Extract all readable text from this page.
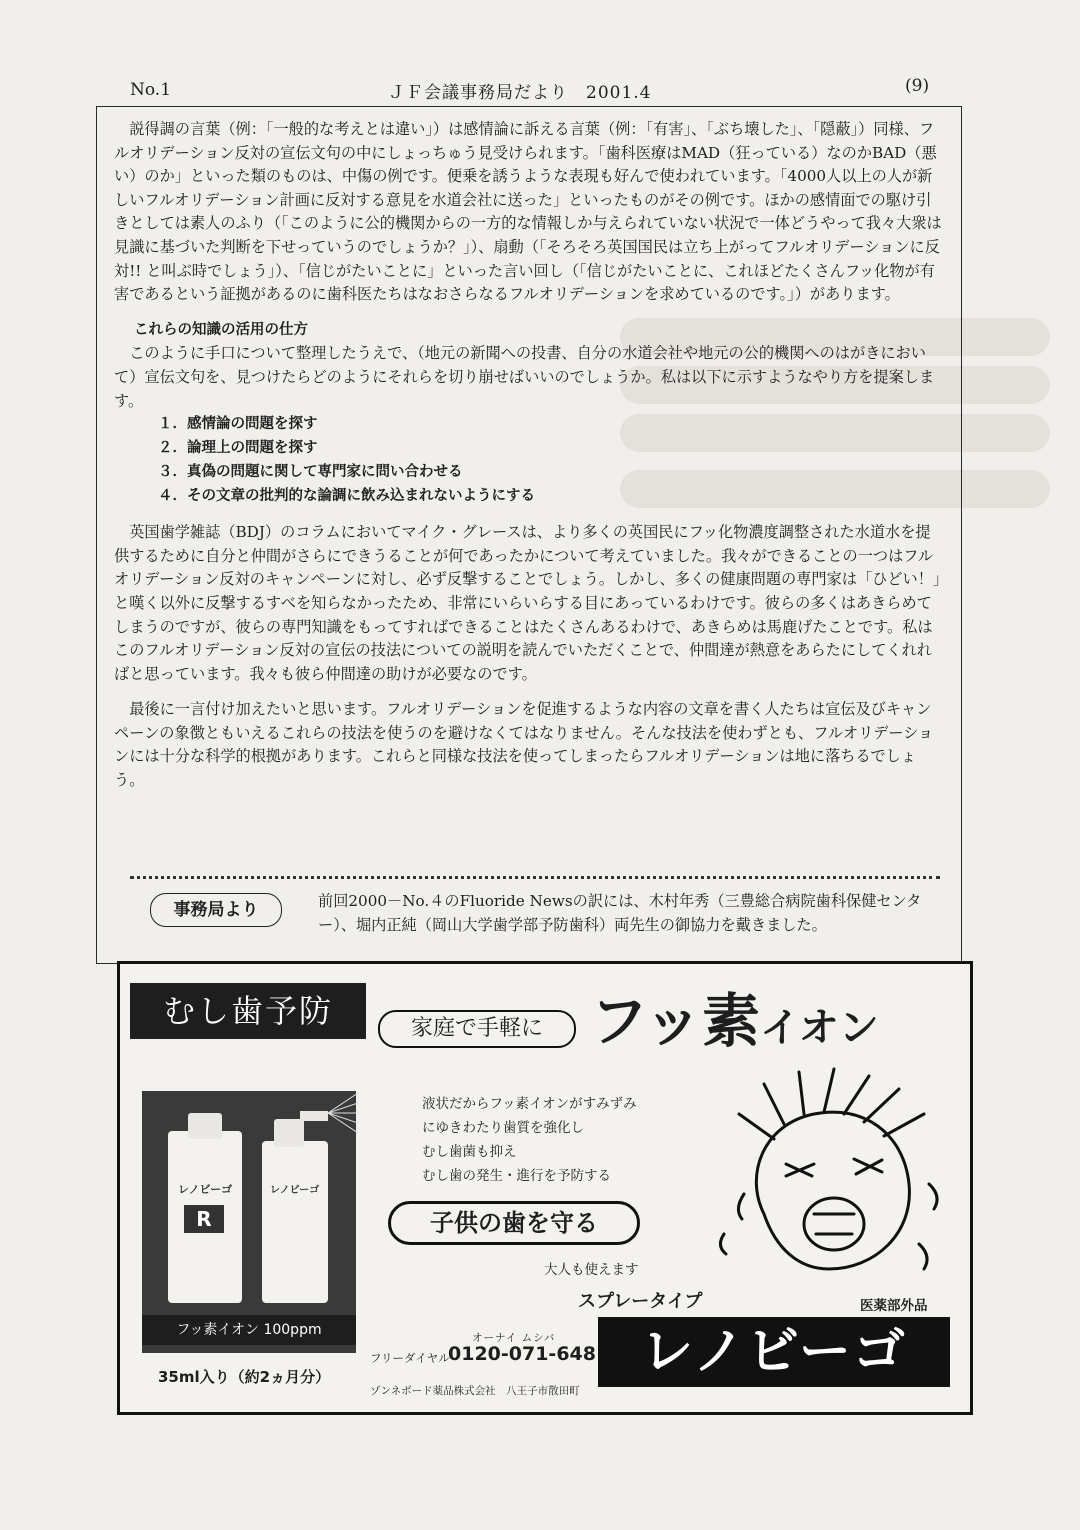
No.1	ＪＦ会議事務局だより　2001.4	(9)

説得調の言葉（例：「一般的な考えとは違い」）は感情論に訴える言葉（例：「有害」、「ぶち壊した」、「隠蔽」）同様、フルオリデーション反対の宣伝文句の中にしょっちゅう見受けられます。「歯科医療はMAD（狂っている）なのかBAD（悪い）のか」といった類のものは、中傷の例です。便乗を誘うような表現も好んで使われています。「4000人以上の人が新しいフルオリデーション計画に反対する意見を水道会社に送った」といったものがその例です。ほかの感情面での駆け引きとしては素人のふり（「このように公的機関からの一方的な情報しか与えられていない状況で一体どうやって我々大衆は見識に基づいた判断を下せっていうのでしょうか？」）、扇動（「そろそろ英国国民は立ち上がってフルオリデーションに反対!! と叫ぶ時でしょう」）、「信じがたいことに」といった言い回し（「信じがたいことに、これほどたくさんフッ化物が有害であるという証拠があるのに歯科医たちはなおさらなるフルオリデーションを求めているのです。」）があります。

これらの知識の活用の仕方

このように手口について整理したうえで、（地元の新聞への投書、自分の水道会社や地元の公的機関へのはがきにおいて）宣伝文句を、見つけたらどのようにそれらを切り崩せばいいのでしょうか。私は以下に示すようなやり方を提案します。

１．感情論の問題を探す
２．論理上の問題を探す
３．真偽の問題に関して専門家に問い合わせる
４．その文章の批判的な論調に飲み込まれないようにする

英国歯学雑誌（BDJ）のコラムにおいてマイク・グレースは、より多くの英国民にフッ化物濃度調整された水道水を提供するために自分と仲間がさらにできうることが何であったかについて考えていました。我々ができることの一つはフルオリデーション反対のキャンペーンに対し、必ず反撃することでしょう。しかし、多くの健康問題の専門家は「ひどい！」と嘆く以外に反撃するすべを知らなかったため、非常にいらいらする目にあっているわけです。彼らの多くはあきらめてしまうのですが、彼らの専門知識をもってすればできることはたくさんあるわけで、あきらめは馬鹿げたことです。私はこのフルオリデーション反対の宣伝の技法についての説明を読んでいただくことで、仲間達が熱意をあらたにしてくれればと思っています。我々も彼ら仲間達の助けが必要なのです。

最後に一言付け加えたいと思います。フルオリデーションを促進するような内容の文章を書く人たちは宣伝及びキャンペーンの象徴ともいえるこれらの技法を使うのを避けなくてはなりません。そんな技法を使わずとも、フルオリデーションには十分な科学的根拠があります。これらと同様な技法を使ってしまったらフルオリデーションは地に落ちるでしょう。

事務局より	前回2000－No.４のFluoride Newsの訳には、木村年秀（三豊総合病院歯科保健センター）、堀内正純（岡山大学歯学部予防歯科）両先生の御協力を戴きました。
むし歯予防	家庭で手軽に フッ素イオン
レノビーゴ
R
レノビーゴ
フッ素イオン 100ppm
35ml入り（約2ヵ月分）
液状だからフッ素イオンがすみずみ
にゆきわたり歯質を強化し
むし歯菌も抑え
むし歯の発生・進行を予防する
子供の歯を守る
大人も使えます
スプレータイプ	医薬部外品
レノビーゴ
オーナイ ムシバ
フリーダイヤル
0120-071-648
ゾンネボード薬品株式会社　八王子市散田町
